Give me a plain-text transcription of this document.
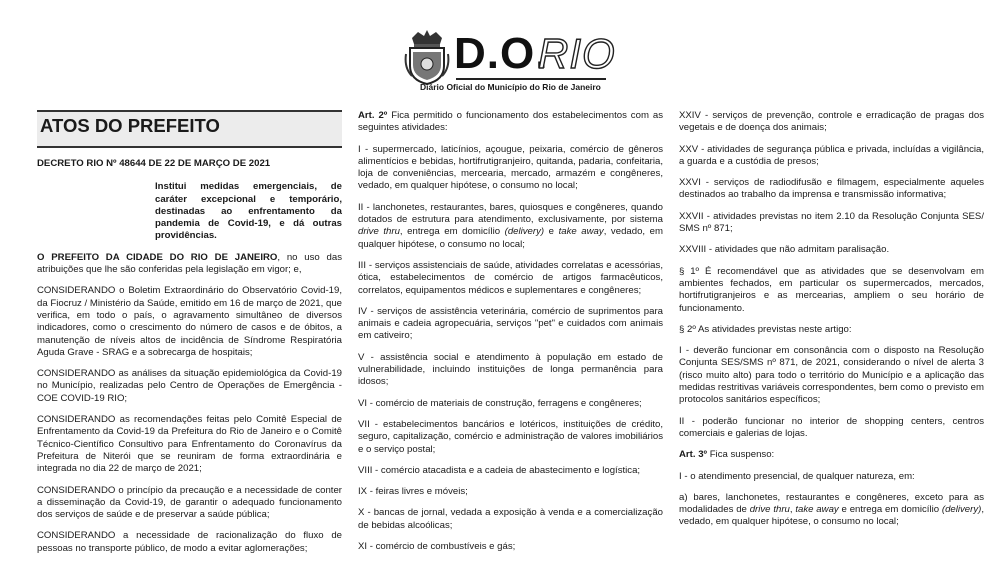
D.O.
RIO
Diário Oficial do Município do Rio de Janeiro
ATOS DO PREFEITO

DECRETO RIO Nº 48644 DE 22 DE MARÇO DE 2021

Institui medidas emergenciais, de caráter excepcional e temporário, destinadas ao enfrentamento da pandemia de Covid-19, e dá outras providências.

O PREFEITO DA CIDADE DO RIO DE JANEIRO, no uso das atribuições que lhe são conferidas pela legislação em vigor; e,

CONSIDERANDO o Boletim Extraordinário do Observatório Covid-19, da Fiocruz / Ministério da Saúde, emitido em 16 de março de 2021, que verifica, em todo o país, o agravamento simultâneo de diversos indicadores, como o crescimento do número de casos e de óbitos, a manutenção de níveis altos de incidência de Síndrome Respiratória Aguda Grave - SRAG e a sobrecarga de hospitais;

CONSIDERANDO as análises da situação epidemiológica da Covid-19 no Município, realizadas pelo Centro de Operações de Emergência - COE COVID-19 RIO;

CONSIDERANDO as recomendações feitas pelo Comitê Especial de Enfrentamento da Covid-19 da Prefeitura do Rio de Janeiro e o Comitê Técnico-Científico Consultivo para Enfrentamento do Coronavírus da Prefeitura de Niterói que se reuniram de forma extraordinária e integrada no dia 22 de março de 2021;

CONSIDERANDO o princípio da precaução e a necessidade de conter a disseminação da Covid-19, de garantir o adequado funcionamento dos serviços de saúde e de preservar a saúde pública;

CONSIDERANDO a necessidade de racionalização do fluxo de pessoas no transporte público, de modo a evitar aglomerações;

Art. 2º Fica permitido o funcionamento dos estabelecimentos com as seguintes atividades:

I - supermercado, laticínios, açougue, peixaria, comércio de gêneros alimentícios e bebidas, hortifrutigranjeiro, quitanda, padaria, confeitaria, loja de conveniências, mercearia, mercado, armazém e congêneres, vedado, em qualquer hipótese, o consumo no local;

II - lanchonetes, restaurantes, bares, quiosques e congêneres, quando dotados de estrutura para atendimento, exclusivamente, por sistema drive thru, entrega em domicílio (delivery) e take away, vedado, em qualquer hipótese, o consumo no local;

III - serviços assistenciais de saúde, atividades correlatas e acessórias, ótica, estabelecimentos de comércio de artigos farmacêuticos, correlatos, equipamentos médicos e suplementares e congêneres;

IV - serviços de assistência veterinária, comércio de suprimentos para animais e cadeia agropecuária, serviços "pet" e cuidados com animais em cativeiro;

V - assistência social e atendimento à população em estado de vulnerabilidade, incluindo instituições de longa permanência para idosos;

VI - comércio de materiais de construção, ferragens e congêneres;

VII - estabelecimentos bancários e lotéricos, instituições de crédito, seguro, capitalização, comércio e administração de valores imobiliários e o serviço postal;

VIII - comércio atacadista e a cadeia de abastecimento e logística;

IX - feiras livres e móveis;

X - bancas de jornal, vedada a exposição à venda e a comercialização de bebidas alcoólicas;

XI - comércio de combustíveis e gás;

XXIV - serviços de prevenção, controle e erradicação de pragas dos vegetais e de doença dos animais;

XXV - atividades de segurança pública e privada, incluídas a vigilância, a guarda e a custódia de presos;

XXVI - serviços de radiodifusão e filmagem, especialmente aqueles destinados ao trabalho da imprensa e transmissão informativa;

XXVII - atividades previstas no item 2.10 da Resolução Conjunta SES/ SMS nº 871;

XXVIII - atividades que não admitam paralisação.

§ 1º É recomendável que as atividades que se desenvolvam em ambientes fechados, em particular os supermercados, mercados, hortifrutigranjeiros e as mercearias, ampliem o seu horário de funcionamento.

§ 2º As atividades previstas neste artigo:

I - deverão funcionar em consonância com o disposto na Resolução Conjunta SES/SMS nº 871, de 2021, considerando o nível de alerta 3 (risco muito alto) para todo o território do Município e a aplicação das medidas restritivas variáveis correspondentes, bem como o previsto em protocolos sanitários específicos;

II - poderão funcionar no interior de shopping centers, centros comerciais e galerias de lojas.

Art. 3º Fica suspenso:

I - o atendimento presencial, de qualquer natureza, em:

a) bares, lanchonetes, restaurantes e congêneres, exceto para as modalidades de drive thru, take away e entrega em domicílio (delivery), vedado, em qualquer hipótese, o consumo no local;
